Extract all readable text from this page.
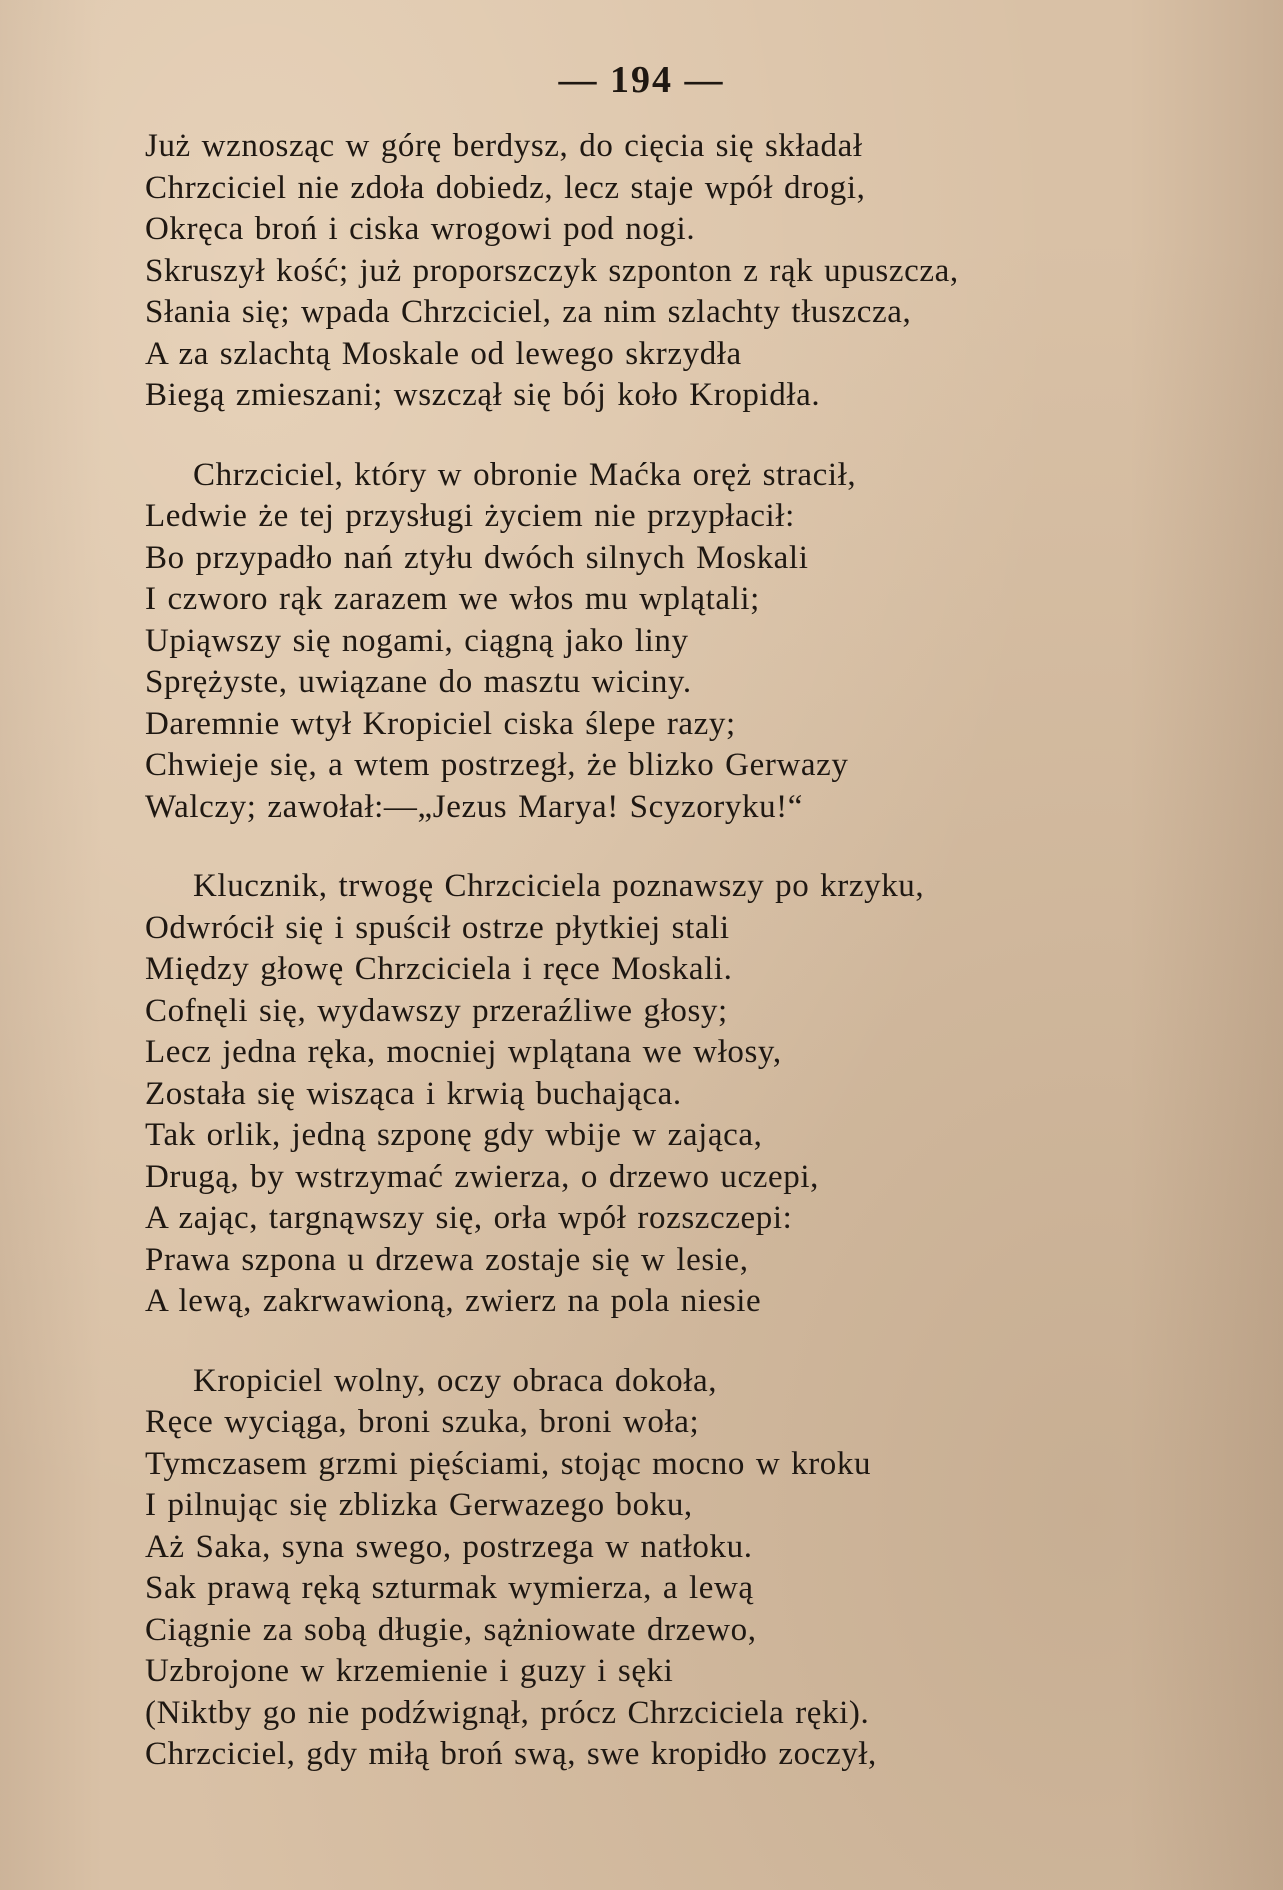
— 194 —
Już wznosząc w górę berdysz, do cięcia się składał
Chrzciciel nie zdoła dobiedz, lecz staje wpół drogi,
Okręca broń i ciska wrogowi pod nogi.
Skruszył kość; już proporszczyk szponton z rąk upuszcza,
Słania się; wpada Chrzciciel, za nim szlachty tłuszcza,
A za szlachtą Moskale od lewego skrzydła
Biegą zmieszani; wszczął się bój koło Kropidła.
Chrzciciel, który w obronie Maćka oręż stracił,
Ledwie że tej przysługi życiem nie przypłacił:
Bo przypadło nań ztyłu dwóch silnych Moskali
I czworo rąk zarazem we włos mu wplątali;
Upiąwszy się nogami, ciągną jako liny
Sprężyste, uwiązane do masztu wiciny.
Daremnie wtył Kropiciel ciska ślepe razy;
Chwieje się, a wtem postrzegł, że blizko Gerwazy
Walczy; zawołał:—„Jezus Marya! Scyzoryku!“
Klucznik, trwogę Chrzciciela poznawszy po krzyku,
Odwrócił się i spuścił ostrze płytkiej stali
Między głowę Chrzciciela i ręce Moskali.
Cofnęli się, wydawszy przeraźliwe głosy;
Lecz jedna ręka, mocniej wplątana we włosy,
Została się wisząca i krwią buchająca.
Tak orlik, jedną szponę gdy wbije w zająca,
Drugą, by wstrzymać zwierza, o drzewo uczepi,
A zając, targnąwszy się, orła wpół rozszczepi:
Prawa szpona u drzewa zostaje się w lesie,
A lewą, zakrwawioną, zwierz na pola niesie
Kropiciel wolny, oczy obraca dokoła,
Ręce wyciąga, broni szuka, broni woła;
Tymczasem grzmi pięściami, stojąc mocno w kroku
I pilnując się zblizka Gerwazego boku,
Aż Saka, syna swego, postrzega w natłoku.
Sak prawą ręką szturmak wymierza, a lewą
Ciągnie za sobą długie, sążniowate drzewo,
Uzbrojone w krzemienie i guzy i sęki
(Niktby go nie podźwignął, prócz Chrzciciela ręki).
Chrzciciel, gdy miłą broń swą, swe kropidło zoczył,
